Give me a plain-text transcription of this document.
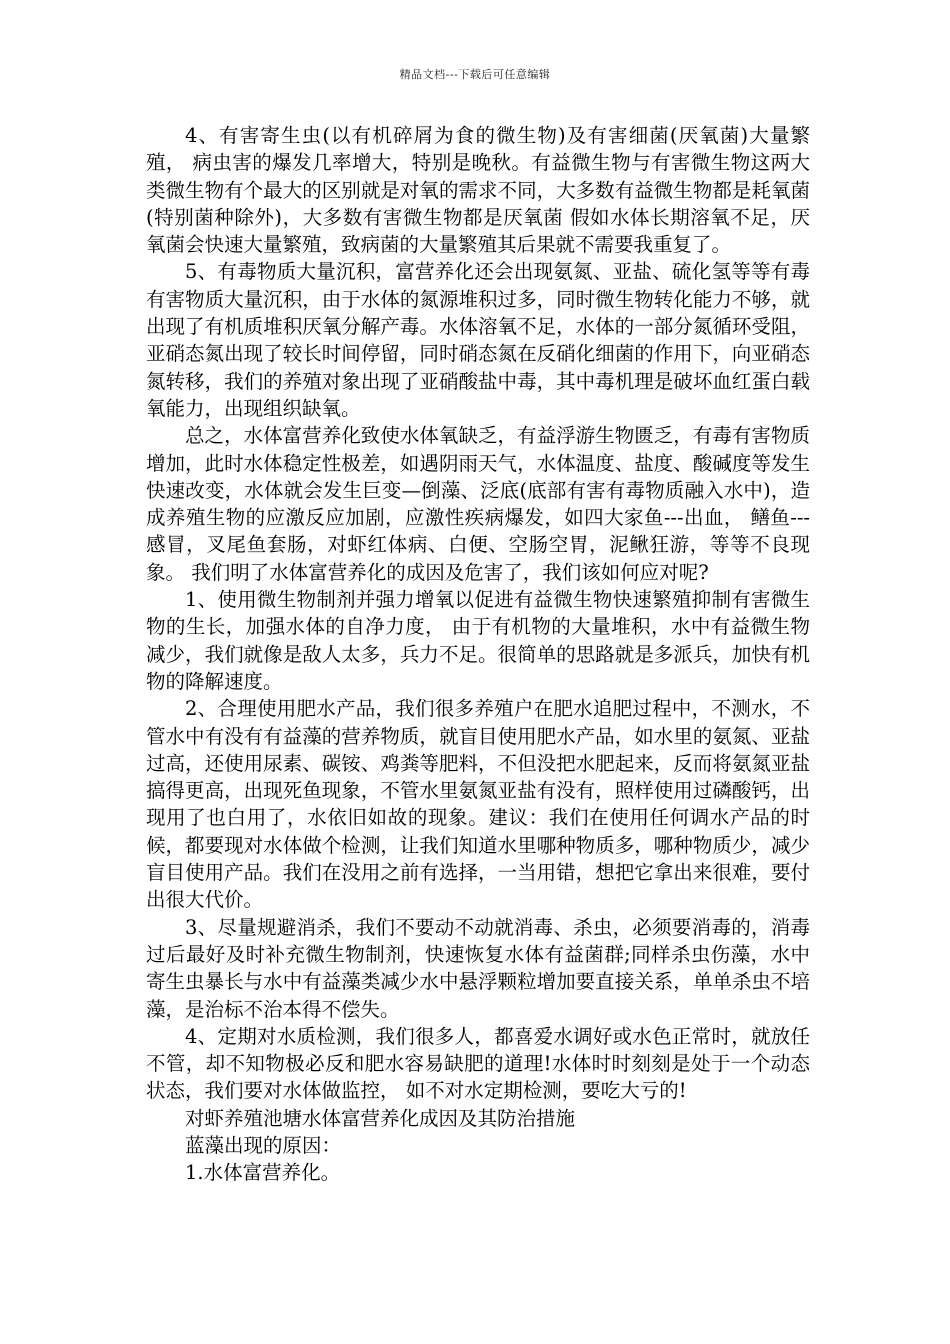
精品文档---下载后可任意编辑

4、有害寄生虫(以有机碎屑为食的微生物)及有害细菌(厌氧菌)大量繁殖， 病虫害的爆发几率增大，特别是晚秋。有益微生物与有害微生物这两大类微生物有个最大的区别就是对氧的需求不同，大多数有益微生物都是耗氧菌(特别菌种除外)，大多数有害微生物都是厌氧菌 假如水体长期溶氧不足，厌氧菌会快速大量繁殖，致病菌的大量繁殖其后果就不需要我重复了。

5、有毒物质大量沉积，富营养化还会出现氨氮、亚盐、硫化氢等等有毒有害物质大量沉积，由于水体的氮源堆积过多，同时微生物转化能力不够，就出现了有机质堆积厌氧分解产毒。水体溶氧不足，水体的一部分氮循环受阻，亚硝态氮出现了较长时间停留，同时硝态氮在反硝化细菌的作用下，向亚硝态氮转移，我们的养殖对象出现了亚硝酸盐中毒，其中毒机理是破坏血红蛋白载氧能力，出现组织缺氧。

总之，水体富营养化致使水体氧缺乏，有益浮游生物匮乏，有毒有害物质增加，此时水体稳定性极差，如遇阴雨天气，水体温度、盐度、酸碱度等发生快速改变，水体就会发生巨变—倒藻、泛底(底部有害有毒物质融入水中)，造成养殖生物的应激反应加剧，应激性疾病爆发，如四大家鱼---出血， 鳝鱼---感冒，叉尾鱼套肠，对虾红体病、白便、空肠空胃，泥鳅狂游，等等不良现象。 我们明了水体富营养化的成因及危害了，我们该如何应对呢?

1、使用微生物制剂并强力增氧以促进有益微生物快速繁殖抑制有害微生物的生长，加强水体的自净力度， 由于有机物的大量堆积，水中有益微生物减少，我们就像是敌人太多，兵力不足。很简单的思路就是多派兵，加快有机物的降解速度。

2、合理使用肥水产品，我们很多养殖户在肥水追肥过程中，不测水，不管水中有没有有益藻的营养物质，就盲目使用肥水产品，如水里的氨氮、亚盐过高，还使用尿素、碳铵、鸡粪等肥料，不但没把水肥起来，反而将氨氮亚盐搞得更高，出现死鱼现象，不管水里氨氮亚盐有没有，照样使用过磷酸钙，出现用了也白用了，水依旧如故的现象。建议：我们在使用任何调水产品的时候，都要现对水体做个检测，让我们知道水里哪种物质多，哪种物质少，减少盲目使用产品。我们在没用之前有选择，一当用错，想把它拿出来很难，要付出很大代价。

3、尽量规避消杀，我们不要动不动就消毒、杀虫，必须要消毒的，消毒过后最好及时补充微生物制剂，快速恢复水体有益菌群;同样杀虫伤藻，水中寄生虫暴长与水中有益藻类减少水中悬浮颗粒增加要直接关系，单单杀虫不培藻，是治标不治本得不偿失。

4、定期对水质检测，我们很多人，都喜爱水调好或水色正常时，就放任不管，却不知物极必反和肥水容易缺肥的道理!水体时时刻刻是处于一个动态状态，我们要对水体做监控， 如不对水定期检测，要吃大亏的!

对虾养殖池塘水体富营养化成因及其防治措施

蓝藻出现的原因：

1.水体富营养化。
